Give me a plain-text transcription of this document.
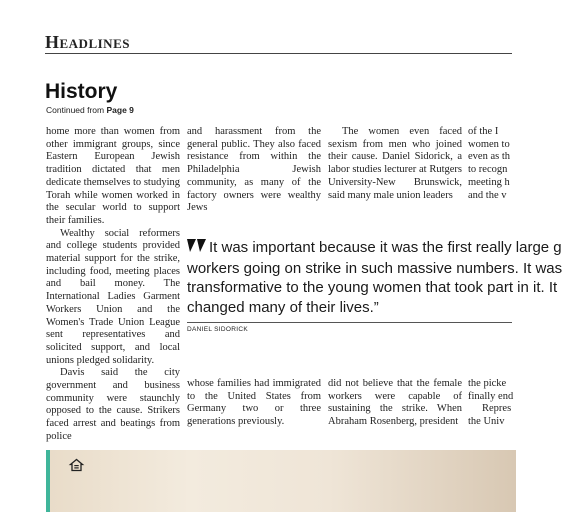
Headlines
History
Continued from Page 9

home more than women from other immigrant groups, since Eastern European Jewish tradition dictated that men dedicate themselves to studying Torah while women worked in the secular world to support their families.

Wealthy social reformers and college students provided material support for the strike, including food, meeting places and bail money. The International Ladies Garment Workers Union and the Women's Trade Union League sent representatives and solicited support, and local unions pledged solidarity.

Davis said the city government and business community were staunchly opposed to the cause. Strikers faced arrest and beatings from police

and harassment from the general public. They also faced resistance from within the Philadelphia Jewish community, as many of the factory owners were wealthy Jews

The women even faced sexism from men who joined their cause. Daniel Sidorick, a labor studies lecturer at Rutgers University-New Brunswick, said many male union leaders

of the I
women to
even as th
to recogn
meeting h
and the v
It was important because it was the first really large g
workers going on strike in such massive numbers. It was
transformative to the young women that took part in it. It
changed many of their lives.”
DANIEL SIDORICK

whose families had immigrated to the United States from Germany two or three generations previously.

did not believe that the female workers were capable of sustaining the strike. When Abraham Rosenberg, president

the picke
finally end
Repres
the Univ
